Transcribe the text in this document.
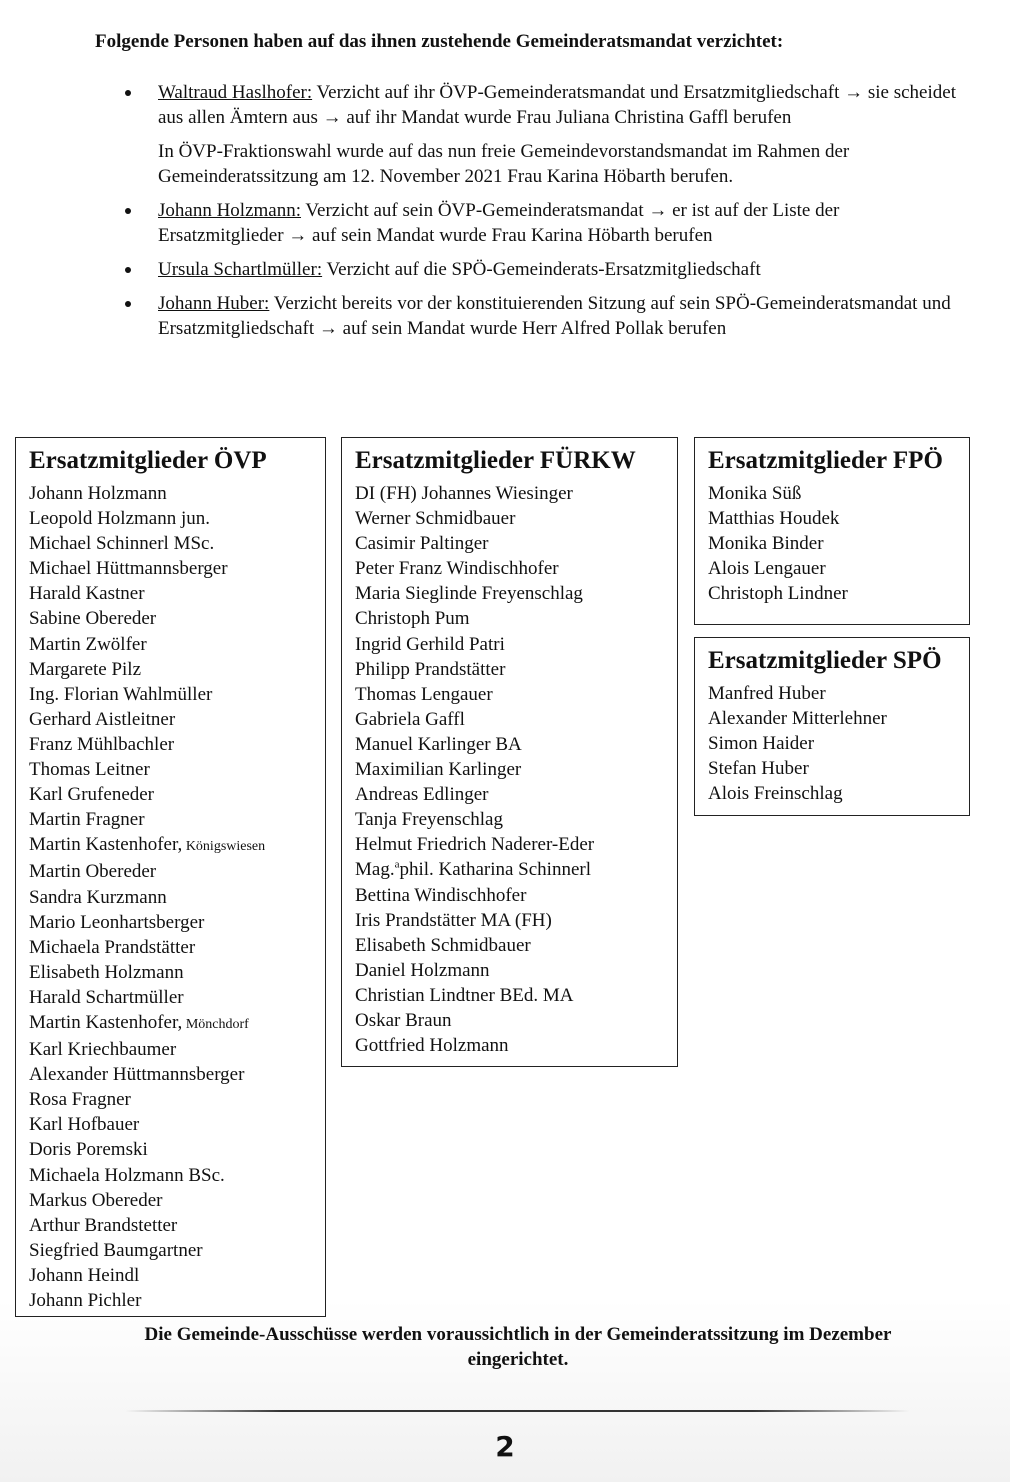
Folgende Personen haben auf das ihnen zustehende Gemeinderatsmandat verzichtet:

Waltraud Haslhofer: Verzicht auf ihr ÖVP-Gemeinderatsmandat und Ersatzmitgliedschaft → sie scheidet aus allen Ämtern aus → auf ihr Mandat wurde Frau Juliana Christina Gaffl berufen

In ÖVP-Fraktionswahl wurde auf das nun freie Gemeindevorstandsmandat im Rahmen der Gemeinderatssitzung am 12. November 2021 Frau Karina Höbarth berufen.

Johann Holzmann: Verzicht auf sein ÖVP-Gemeinderatsmandat → er ist auf der Liste der Ersatzmitglieder → auf sein Mandat wurde Frau Karina Höbarth berufen

Ursula Schartlmüller: Verzicht auf die SPÖ-Gemeinderats-Ersatzmitgliedschaft

Johann Huber: Verzicht bereits vor der konstituierenden Sitzung auf sein SPÖ-Gemeinderatsmandat und Ersatzmitgliedschaft → auf sein Mandat wurde Herr Alfred Pollak berufen

Ersatzmitglieder ÖVP
Johann Holzmann
Leopold Holzmann jun.
Michael Schinnerl MSc.
Michael Hüttmannsberger
Harald Kastner
Sabine Obereder
Martin Zwölfer
Margarete Pilz
Ing. Florian Wahlmüller
Gerhard Aistleitner
Franz Mühlbachler
Thomas Leitner
Karl Grufeneder
Martin Fragner
Martin Kastenhofer, Königswiesen
Martin Obereder
Sandra Kurzmann
Mario Leonhartsberger
Michaela Prandstätter
Elisabeth Holzmann
Harald Schartmüller
Martin Kastenhofer, Mönchdorf
Karl Kriechbaumer
Alexander Hüttmannsberger
Rosa Fragner
Karl Hofbauer
Doris Poremski
Michaela Holzmann BSc.
Markus Obereder
Arthur Brandstetter
Siegfried Baumgartner
Johann Heindl
Johann Pichler
Ersatzmitglieder FÜRKW
DI (FH) Johannes Wiesinger
Werner Schmidbauer
Casimir Paltinger
Peter Franz Windischhofer
Maria Sieglinde Freyenschlag
Christoph Pum
Ingrid Gerhild Patri
Philipp Prandstätter
Thomas Lengauer
Gabriela Gaffl
Manuel Karlinger BA
Maximilian Karlinger
Andreas Edlinger
Tanja Freyenschlag
Helmut Friedrich Naderer-Eder
Mag.$^a$phil. Katharina Schinnerl
Bettina Windischhofer
Iris Prandstätter MA (FH)
Elisabeth Schmidbauer
Daniel Holzmann
Christian Lindtner BEd. MA
Oskar Braun
Gottfried Holzmann
Ersatzmitglieder FPÖ
Monika Süß
Matthias Houdek
Monika Binder
Alois Lengauer
Christoph Lindner
Ersatzmitglieder SPÖ
Manfred Huber
Alexander Mitterlehner
Simon Haider
Stefan Huber
Alois Freinschlag
Die Gemeinde-Ausschüsse werden voraussichtlich in der Gemeinderatssitzung im Dezember eingerichtet.
2
